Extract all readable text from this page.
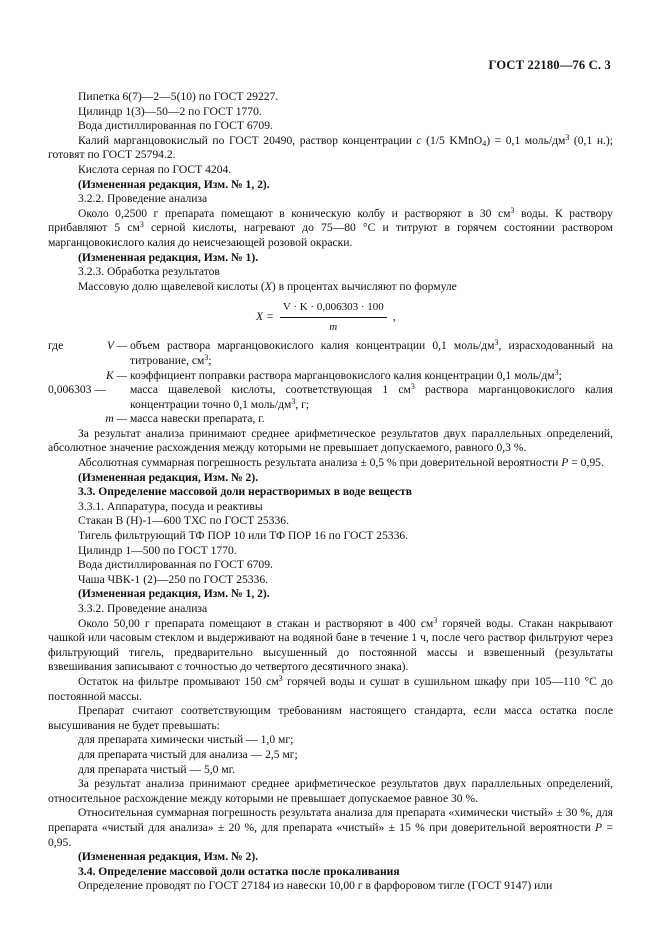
ГОСТ 22180—76 С. 3

Пипетка 6(7)—2—5(10) по ГОСТ 29227.

Цилиндр 1(3)—50—2 по ГОСТ 1770.

Вода дистиллированная по ГОСТ 6709.

Калий марганцовокислый по ГОСТ 20490, раствор концентрации c (1/5 KMnO$_4$) = 0,1 моль/$дм^3$ (0,1 н.); готовят по ГОСТ 25794.2.

Кислота серная по ГОСТ 4204.

(Измененная редакция, Изм. № 1, 2).

3.2.2. Проведение анализа

Около 0,2500 г препарата помещают в коническую колбу и растворяют в 30 $см^3$ воды. К раствору прибавляют 5 $см^3$ серной кислоты, нагревают до 75—80 °С и титруют в горячем состоянии раствором марганцовокислого калия до неисчезающей розовой окраски.

(Измененная редакция, Изм. № 1).

3.2.3. Обработка результатов

Массовую долю щавелевой кислоты (X) в процентах вычисляют по формуле

$X = \frac{V \cdot K \cdot 0,006303 \cdot 100}{m}$ ,
где	V — объем раствора марганцовокислого калия концентрации 0,1 моль/$дм^3$, израсходованный на титрование, $см^3$;
K — коэффициент поправки раствора марганцовокислого калия концентрации 0,1 моль/$дм^3$;
0,006303 —	масса щавелевой кислоты, соответствующая 1 $см^3$ раствора марганцовокислого калия концентрации точно 0,1 моль/$дм^3$, г;
m — масса навески препарата, г.

За результат анализа принимают среднее арифметическое результатов двух параллельных определений, абсолютное значение расхождения между которыми не превышает допускаемого, равного 0,3 %.

Абсолютная суммарная погрешность результата анализа ± 0,5 % при доверительной вероятности P = 0,95.

(Измененная редакция, Изм. № 2).

3.3. Определение массовой доли нерастворимых в воде веществ

3.3.1. Аппаратура, посуда и реактивы

Стакан В (Н)-1—600 ТХС по ГОСТ 25336.

Тигель фильтрующий ТФ ПОР 10 или ТФ ПОР 16 по ГОСТ 25336.

Цилиндр 1—500 по ГОСТ 1770.

Вода дистиллированная по ГОСТ 6709.

Чаша ЧВК-1 (2)—250 по ГОСТ 25336.

(Измененная редакция, Изм. № 1, 2).

3.3.2. Проведение анализа

Около 50,00 г препарата помещают в стакан и растворяют в 400 $см^3$ горячей воды. Стакан накрывают чашкой или часовым стеклом и выдерживают на водяной бане в течение 1 ч, после чего раствор фильтруют через фильтрующий тигель, предварительно высушенный до постоянной массы и взвешенный (результаты взвешивания записывают с точностью до четвертого десятичного знака).

Остаток на фильтре промывают 150 $см^3$ горячей воды и сушат в сушильном шкафу при 105—110 °С до постоянной массы.

Препарат считают соответствующим требованиям настоящего стандарта, если масса остатка после высушивания не будет превышать:

для препарата химически чистый — 1,0 мг;

для препарата чистый для анализа — 2,5 мг;

для препарата чистый — 5,0 мг.

За результат анализа принимают среднее арифметическое результатов двух параллельных определений, относительное расхождение между которыми не превышает допускаемое равное 30 %.

Относительная суммарная погрешность результата анализа для препарата «химически чистый» ± 30 %, для препарата «чистый для анализа» ± 20 %, для препарата «чистый» ± 15 % при доверительной вероятности P = 0,95.

(Измененная редакция, Изм. № 2).

3.4. Определение массовой доли остатка после прокаливания

Определение проводят по ГОСТ 27184 из навески 10,00 г в фарфоровом тигле (ГОСТ 9147) или
